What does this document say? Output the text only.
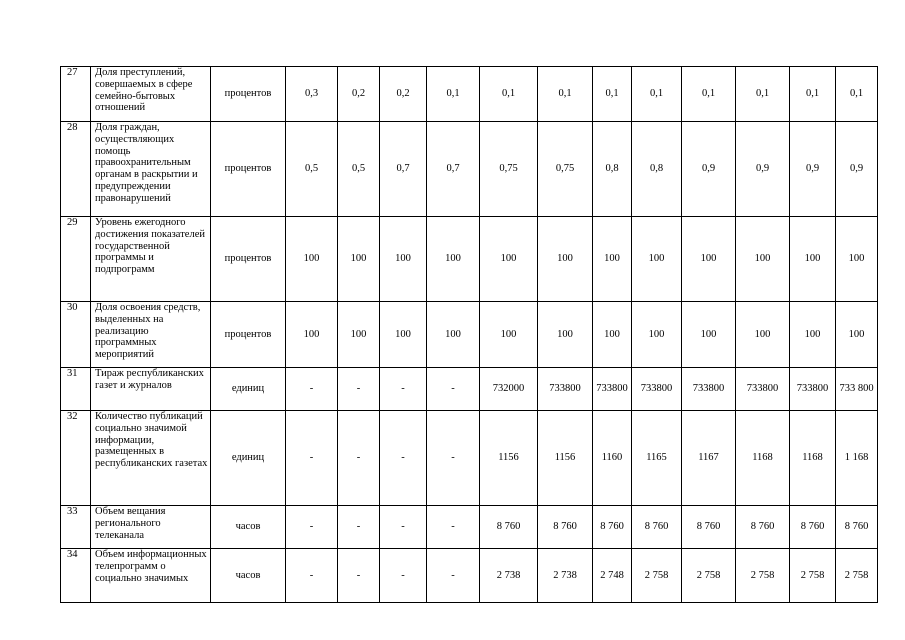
27	Доля преступлений, совершаемых в сфере семейно-бытовых отношений	процентов	0,3	0,2	0,2	0,1	0,1	0,1	0,1	0,1	0,1	0,1	0,1	0,1
28	Доля граждан, осуществляющих помощь правоохранительным органам в раскрытии и предупреждении правонарушений	процентов	0,5	0,5	0,7	0,7	0,75	0,75	0,8	0,8	0,9	0,9	0,9	0,9
29	Уровень ежегодного достижения показателей государственной программы и подпрограмм	процентов	100	100	100	100	100	100	100	100	100	100	100	100
30	Доля освоения средств, выделенных на реализацию программных мероприятий	процентов	100	100	100	100	100	100	100	100	100	100	100	100
31	Тираж республиканских газет и журналов	единиц	-	-	-	-	732000	733800	733800	733800	733800	733800	733800	733 800
32	Количество публикаций социально значимой информации, размещенных в республиканских газетах	единиц	-	-	-	-	1156	1156	1160	1165	1167	1168	1168	1 168
33	Объем вещания регионального телеканала	часов	-	-	-	-	8 760	8 760	8 760	8 760	8 760	8 760	8 760	8 760
34	Объем информационных телепрограмм о социально значимых	часов	-	-	-	-	2 738	2 738	2 748	2 758	2 758	2 758	2 758	2 758
